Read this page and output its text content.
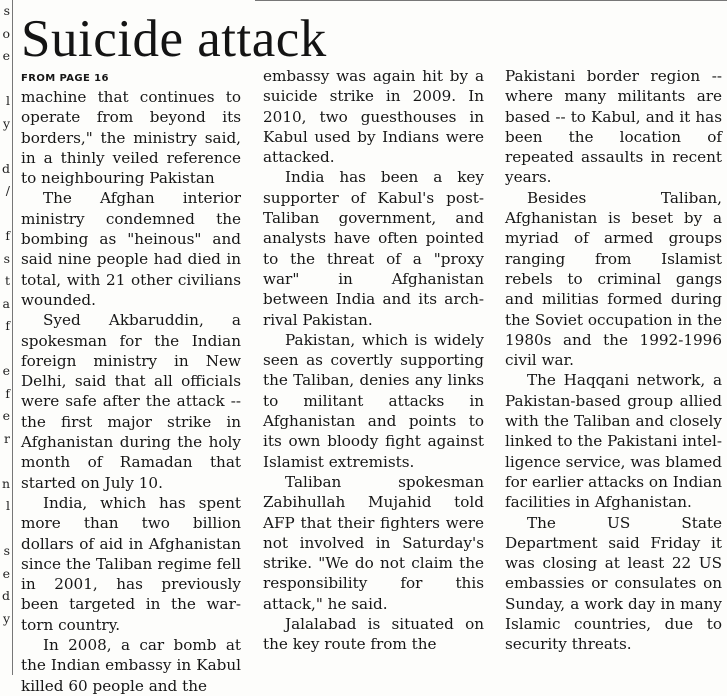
s
o
e
l
y
d
/
f
s
t
a
f
e
f
e
r
n
l
s
e
d
y
Suicide attack
FROM PAGE 16

machine that continues to operate from beyond its borders," the ministry said, in a thinly veiled reference to neighbouring Pakistan

The Afghan interior ministry condemned the bombing as "heinous" and said nine people had died in total, with 21 other civilians wounded.

Syed Akbaruddin, a spokesman for the Indian foreign ministry in New Delhi, said that all officials were safe after the attack -- the first major strike in Afghanistan during the holy month of Ramadan that started on July 10.

India, which has spent more than two billion dollars of aid in Afghanistan since the Taliban regime fell in 2001, has previously been targeted in the war-torn country.

In 2008, a car bomb at the Indian embassy in Kabul killed 60 people and the

embassy was again hit by a suicide strike in 2009. In 2010, two guesthouses in Kabul used by Indians were attacked.

India has been a key supporter of Kabul's post-Taliban government, and analysts have often pointed to the threat of a "proxy war" in Afghanistan between India and its arch-rival Pakistan.

Pakistan, which is widely seen as covertly supporting the Taliban, denies any links to militant attacks in Afghanistan and points to its own bloody fight against Islamist extremists.

Taliban spokesman Zabihullah Mujahid told AFP that their fighters were not involved in Saturday's strike. "We do not claim the responsibility for this attack," he said.

Jalalabad is situated on the key route from the

Pakistani border region -- where many militants are based -- to Kabul, and it has been the location of repeated assaults in recent years.

Besides Taliban, Afghanistan is beset by a myriad of armed groups ranging from Islamist rebels to criminal gangs and militias formed during the Soviet occupation in the 1980s and the 1992-1996 civil war.

The Haqqani network, a Pakistan-based group allied with the Taliban and closely linked to the Pakistani intelligence service, was blamed for earlier attacks on Indian facilities in Afghanistan.

The US State Department said Friday it was closing at least 22 US embassies or consulates on Sunday, a work day in many Islamic countries, due to security threats.
